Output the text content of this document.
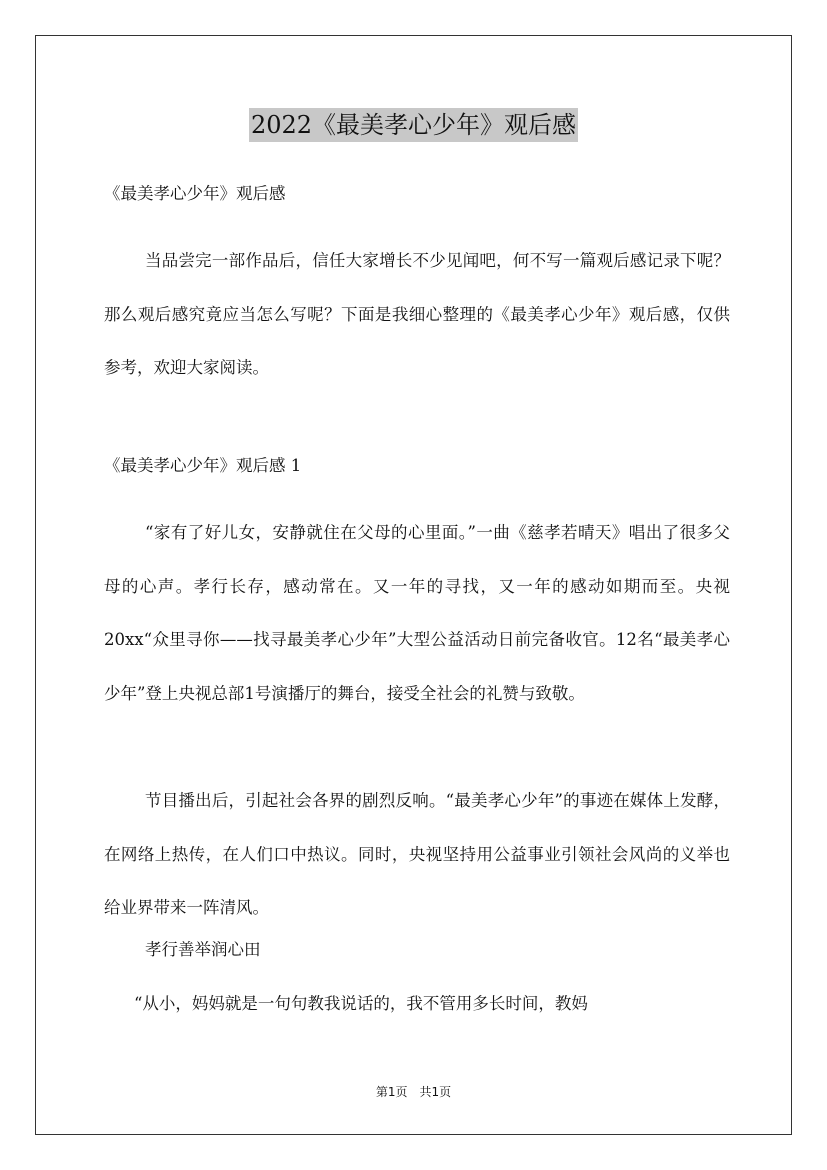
2022《最美孝心少年》观后感

《最美孝心少年》观后感

当品尝完一部作品后，信任大家增长不少见闻吧，何不写一篇观后感记录下呢？那么观后感究竟应当怎么写呢？下面是我细心整理的《最美孝心少年》观后感，仅供参考，欢迎大家阅读。

《最美孝心少年》观后感 1

“家有了好儿女，安静就住在父母的心里面。”一曲《慈孝若晴天》唱出了很多父母的心声。孝行长存，感动常在。又一年的寻找，又一年的感动如期而至。央视20xx“众里寻你——找寻最美孝心少年”大型公益活动日前完备收官。12名“最美孝心少年”登上央视总部1号演播厅的舞台，接受全社会的礼赞与致敬。

节目播出后，引起社会各界的剧烈反响。“最美孝心少年”的事迹在媒体上发酵，在网络上热传，在人们口中热议。同时，央视坚持用公益事业引领社会风尚的义举也给业界带来一阵清风。

孝行善举润心田

“从小，妈妈就是一句句教我说话的，我不管用多长时间，教妈

第1页　共1页
